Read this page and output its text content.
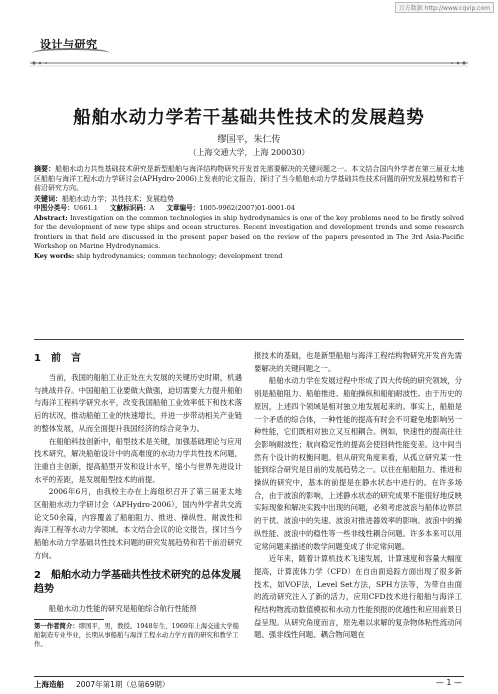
万方数据 http://www.cqvip.com
设计与研究
船舶水动力学若干基础共性技术的发展趋势
缪国平，朱仁传
（上海交通大学，上海 200030）

摘要：船舶水动力共性基础技术研究是新型船舶与海洋结构物研究开发首先需要解决的关键问题之一。本文结合国内外学者在第三届亚太地区船舶与海洋工程水动力学研讨会(APHydro·2006)上发表的论文报告，探讨了当今船舶水动力学基础共性技术问题的研究发展趋势和若干前沿研究方向。

关键词：船舶水动力学；共性技术；发展趋势

中图分类号：U661.1 文献标识码：A 文章编号：1005-9962(2007)01-0001-04

Abstract: Investigation on the common technologies in ship hydrodynamics is one of the key problems need to be firstly solved for the development of new type ships and ocean structures. Recent investigation and development trends and some research frontiers in that field are discussed in the present paper based on the review of the papers presented in The 3rd Asia-Pacific Workshop on Marine Hydrodynamics.

Key words: ship hydrodynamics; common technology; development trend

1 前　言

当前，我国的船舶工业正处在大发展的关键历史时期，机遇与挑战并存。中国船舶工业要做大做强，迫切需要大力提升船舶与海洋工程科学研究水平，改变我国船舶工业效率低下和技术落后的状况，推动船舶工业的快速增长，并进一步带动相关产业链的整体发展，从而全面提升我国经济的综合竞争力。

在船舶科技创新中，船型技术是关键，加强基础理论与应用技术研究，解决船舶设计中的高难度的水动力学共性技术问题，注重自主创新，提高船型开发和设计水平，缩小与世界先进设计水平的差距，是发展船型技术的前提。

2006年6月，由我校主办在上海组织召开了第三届亚太地区船舶水动力学研讨会（APHydro·2006），国内外学者共交流论文50余篇，内容覆盖了船舶阻力、推进、操纵性、耐波性和海洋工程等水动力学领域。本文结合会议的论文报告，探讨当今船舶水动力学基础共性技术问题的研究发展趋势和若干前沿研究方向。

2 船舶水动力学基础共性技术研究的总体发展趋势

船舶水动力性能的研究是船舶综合航行性能预

第一作者简介：缪国平，男，教授。1948年生，1969年上海交通大学船舶制造专业毕业，长期从事船舶与海洋工程水动力学方面的研究和教学工作。

报技术的基础，也是新型船舶与海洋工程结构物研究开发首先需要解决的关键问题之一。

船舶水动力学在发展过程中形成了四大传统的研究领域，分别是船舶阻力、船舶推进、船舶操纵和船舶耐波性。由于历史的原因，上述四个领域是相对独立地发展起来的。事实上，船舶是一个矛盾的综合体，一种性能的提高有时会不可避免地影响另一种性能，它们既相对独立又互相耦合。例如，快速性的提高往往会影响耐波性；航向稳定性的提高会使回转性能变差。这中间当然有个设计的权衡问题。但从研究角度来看，从孤立研究某一性能到综合研究是目前的发展趋势之一。以往在船舶阻力、推进和操纵的研究中，基本的前提是在静水状态中进行的。在许多场合，由于波浪的影响，上述静水状态的研究成果不能很好地反映实际现象和解决实践中出现的问题，必须考虑波浪与船体边界层的干扰、波浪中的失速、波浪对推进器效率的影响、波浪中的操纵性能、波浪中的稳性等一些非线性耦合问题。许多本来可以用定常问题来描述的数学问题变成了非定常问题。

近年来，随着计算机技术飞速发展，计算速度和容量大幅度提高，计算流体力学（CFD）在自由面追踪方面出现了很多新技术，如VOF法，Level Set方法，SPH方法等，为带自由面的流动研究注入了新的活力，应用CFD技术进行船舶与海洋工程结构物流动数值模拟和水动力性能预报的优越性和应用前景日益呈现。从研究角度而言，原先难以求解的复杂物体粘性流动问题、强非线性问题、耦合物问题在

上海造船 2007年第1期（总第69期）	— 1 —
